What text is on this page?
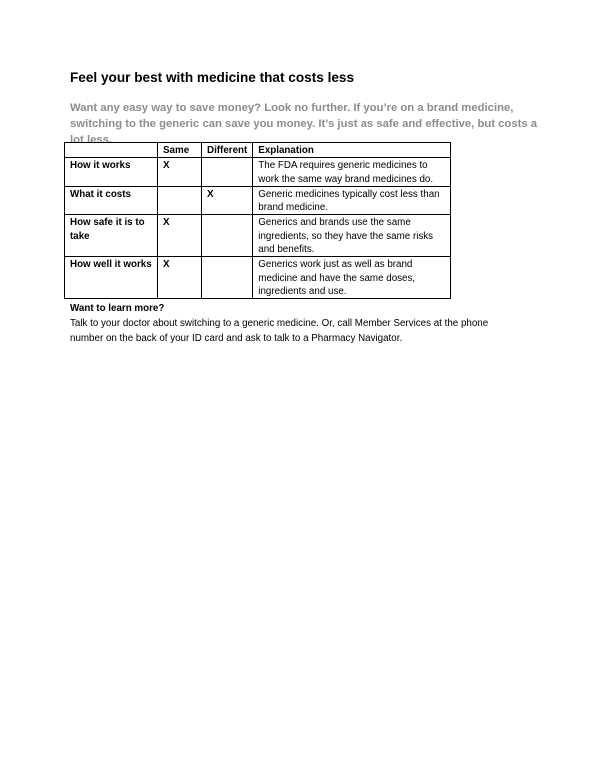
Feel your best with medicine that costs less
Want any easy way to save money? Look no further. If you’re on a brand medicine, switching to the generic can save you money. It’s just as safe and effective, but costs a lot less.
	Same	Different	Explanation
How it works	X		The FDA requires generic medicines to work the same way brand medicines do.
What it costs		X	Generic medicines typically cost less than brand medicine.
How safe it is to take	X		Generics and brands use the same ingredients, so they have the same risks and benefits.
How well it works	X		Generics work just as well as brand medicine and have the same doses, ingredients and use.
Want to learn more?
Talk to your doctor about switching to a generic medicine. Or, call Member Services at the phone number on the back of your ID card and ask to talk to a Pharmacy Navigator.
